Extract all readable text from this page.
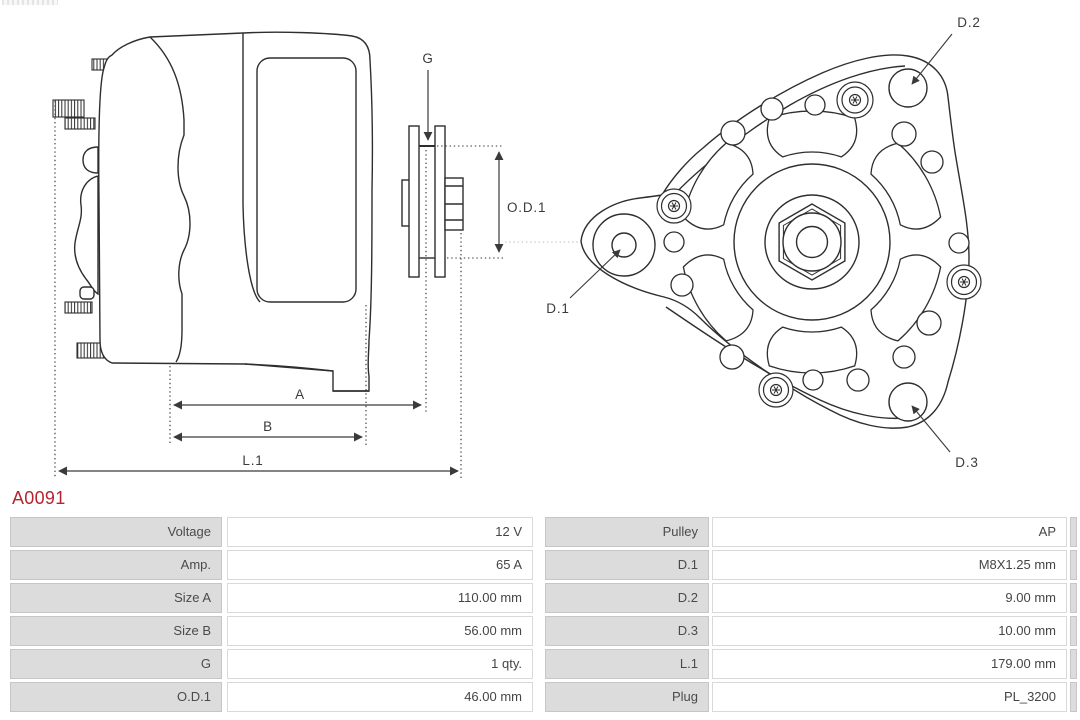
G
O.D.1
A
B
L.1
D.2
D.1
D.3
A0091
Voltage	12 V	Pulley	AP
Amp.	65 A	D.1	M8X1.25 mm
Size A	110.00 mm	D.2	9.00 mm
Size B	56.00 mm	D.3	10.00 mm
G	1 qty.	L.1	179.00 mm
O.D.1	46.00 mm	Plug	PL_3200
